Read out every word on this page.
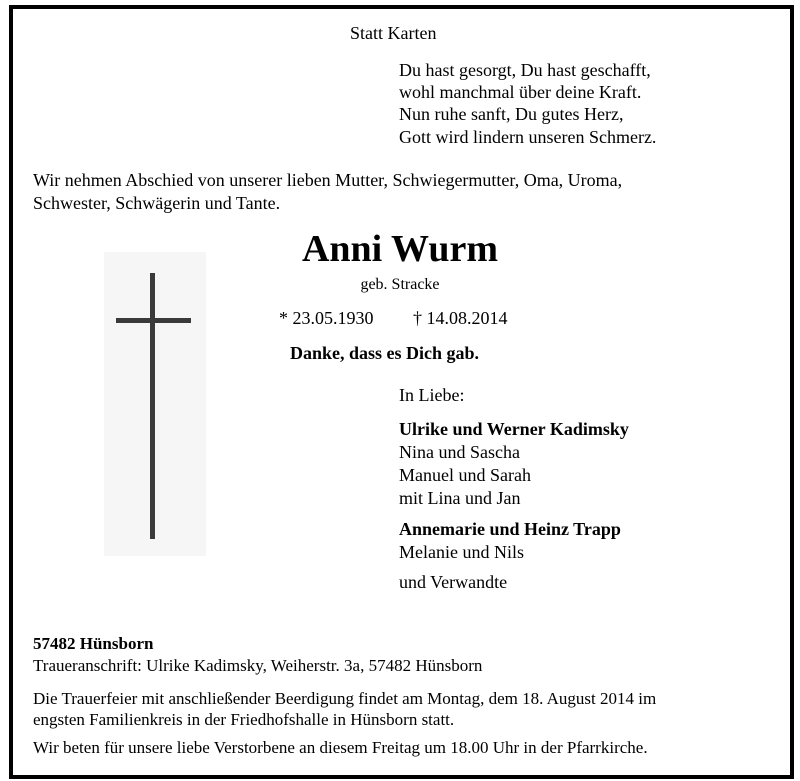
Statt Karten
Du hast gesorgt, Du hast geschafft,
wohl manchmal über deine Kraft.
Nun ruhe sanft, Du gutes Herz,
Gott wird lindern unseren Schmerz.
Wir nehmen Abschied von unserer lieben Mutter, Schwiegermutter, Oma, Uroma,
Schwester, Schwägerin und Tante.
Anni Wurm
geb. Stracke
* 23.05.1930 † 14.08.2014
Danke, dass es Dich gab.
In Liebe:
Ulrike und Werner Kadimsky
Nina und Sascha
Manuel und Sarah
mit Lina und Jan
Annemarie und Heinz Trapp
Melanie und Nils
und Verwandte
57482 Hünsborn
Traueranschrift: Ulrike Kadimsky, Weiherstr. 3a, 57482 Hünsborn
Die Trauerfeier mit anschließender Beerdigung findet am Montag, dem 18. August 2014 im
engsten Familienkreis in der Friedhofshalle in Hünsborn statt.
Wir beten für unsere liebe Verstorbene an diesem Freitag um 18.00 Uhr in der Pfarrkirche.
